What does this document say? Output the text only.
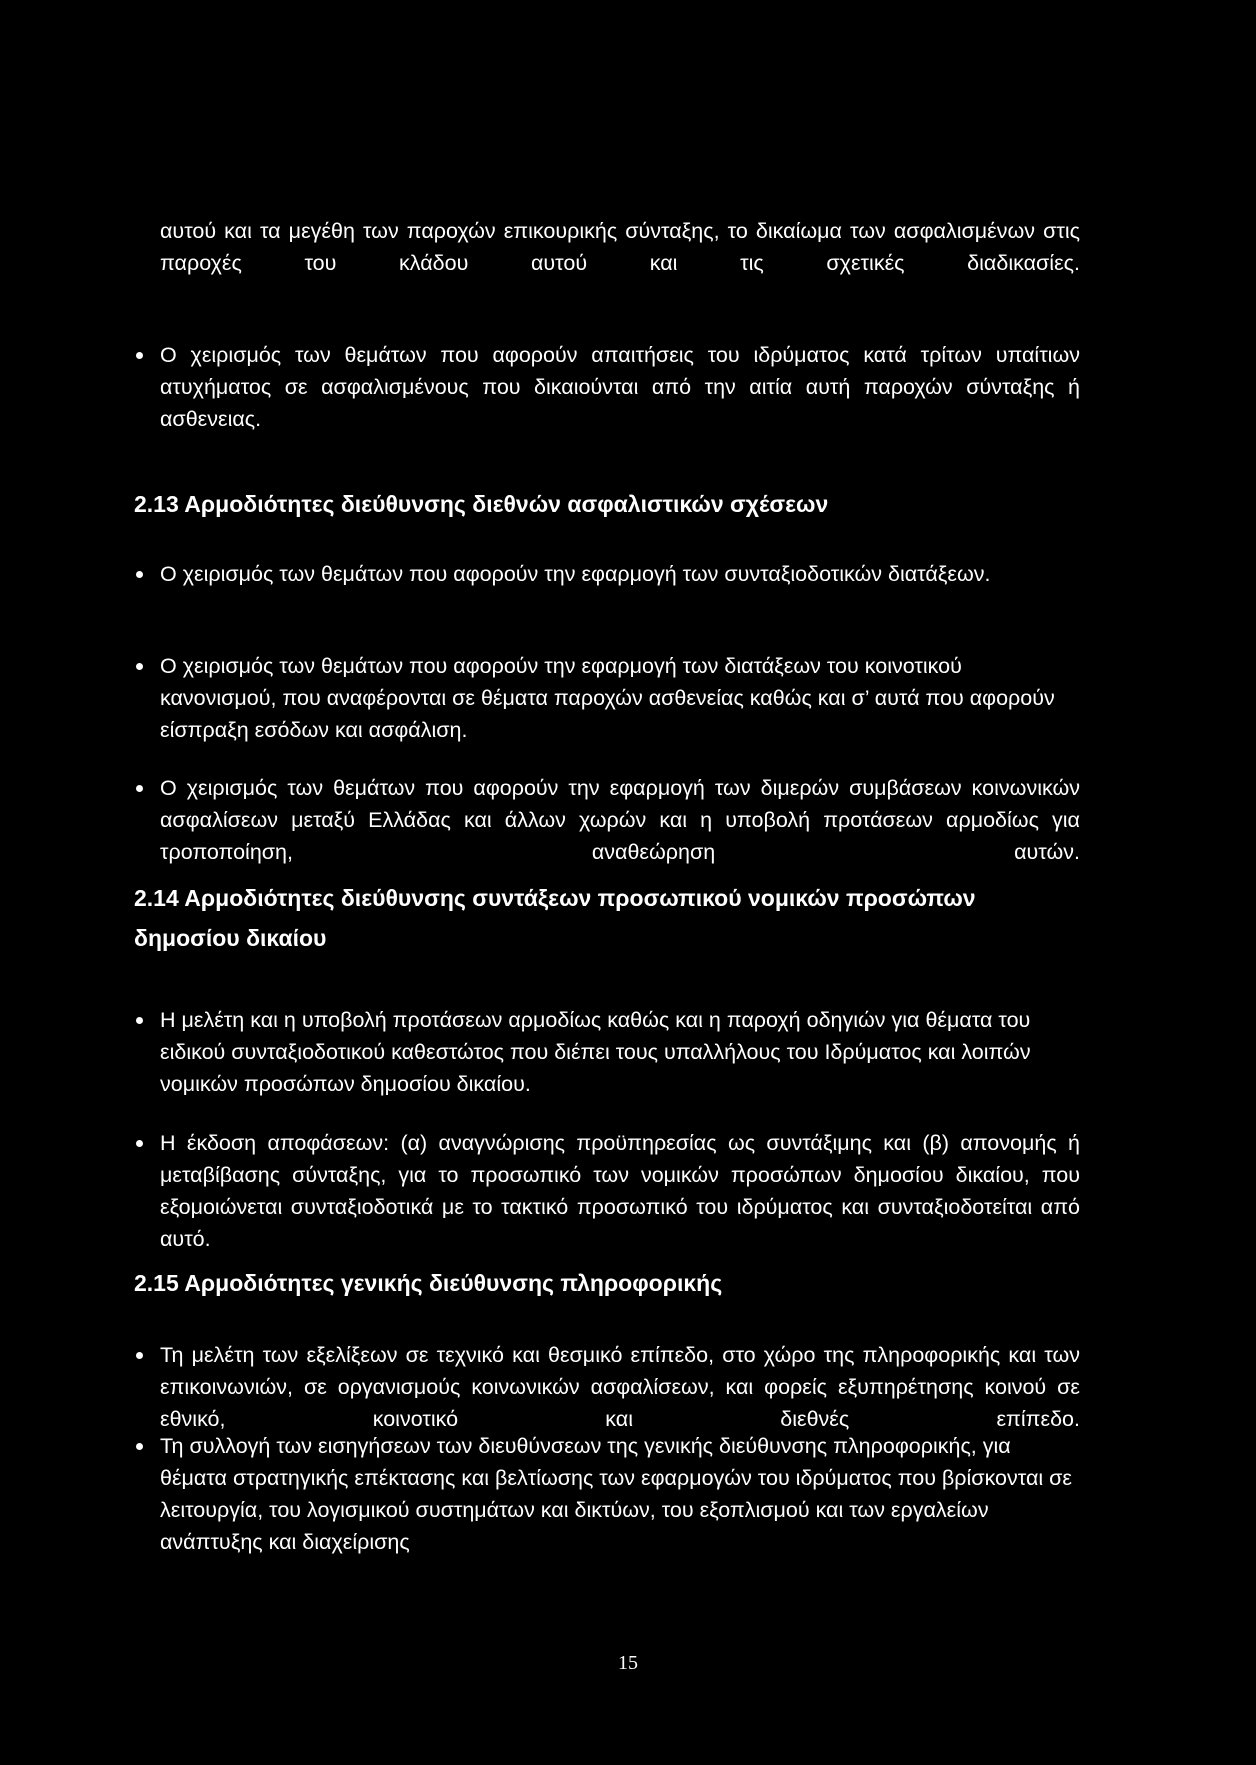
αυτού και τα μεγέθη των παροχών επικουρικής σύνταξης, το δικαίωμα των ασφαλισμένων στις παροχές του κλάδου αυτού και τις σχετικές διαδικασίες.
Ο χειρισμός των θεμάτων που αφορούν απαιτήσεις του ιδρύματος κατά τρίτων υπαίτιων ατυχήματος σε ασφαλισμένους που δικαιούνται από την αιτία αυτή παροχών σύνταξης ή ασθενειας.
2.13 Αρμοδιότητες διεύθυνσης διεθνών ασφαλιστικών σχέσεων
Ο χειρισμός των θεμάτων που αφορούν την εφαρμογή των συνταξιοδοτικών διατάξεων.
Ο χειρισμός των θεμάτων που αφορούν την εφαρμογή των διατάξεων του κοινοτικού κανονισμού, που αναφέρονται σε θέματα παροχών ασθενείας καθώς και σ’ αυτά που αφορούν είσπραξη εσόδων και ασφάλιση.
Ο χειρισμός των θεμάτων που αφορούν την εφαρμογή των διμερών συμβάσεων κοινωνικών ασφαλίσεων μεταξύ Ελλάδας και άλλων χωρών και η υποβολή προτάσεων αρμοδίως για τροποποίηση, αναθεώρηση αυτών.
2.14 Αρμοδιότητες διεύθυνσης συντάξεων προσωπικού νομικών προσώπων δημοσίου δικαίου
Η μελέτη και η υποβολή προτάσεων αρμοδίως καθώς και η παροχή οδηγιών για θέματα του ειδικού συνταξιοδοτικού καθεστώτος που διέπει τους υπαλλήλους του Ιδρύματος και λοιπών νομικών προσώπων δημοσίου δικαίου.
Η έκδοση αποφάσεων: (α) αναγνώρισης προϋπηρεσίας ως συντάξιμης και (β) απονομής ή μεταβίβασης σύνταξης, για το προσωπικό των νομικών προσώπων δημοσίου δικαίου, που εξομοιώνεται συνταξιοδοτικά με το τακτικό προσωπικό του ιδρύματος και συνταξιοδοτείται από αυτό.
2.15 Αρμοδιότητες γενικής διεύθυνσης πληροφορικής
Τη μελέτη των εξελίξεων σε τεχνικό και θεσμικό επίπεδο, στο χώρο της πληροφορικής και των επικοινωνιών, σε οργανισμούς κοινωνικών ασφαλίσεων, και φορείς εξυπηρέτησης κοινού σε εθνικό, κοινοτικό και διεθνές επίπεδο.
Τη συλλογή των εισηγήσεων των διευθύνσεων της γενικής διεύθυνσης πληροφορικής, για θέματα στρατηγικής επέκτασης και βελτίωσης των εφαρμογών του ιδρύματος που βρίσκονται σε λειτουργία, του λογισμικού συστημάτων και δικτύων, του εξοπλισμού και των εργαλείων ανάπτυξης και διαχείρισης
15
